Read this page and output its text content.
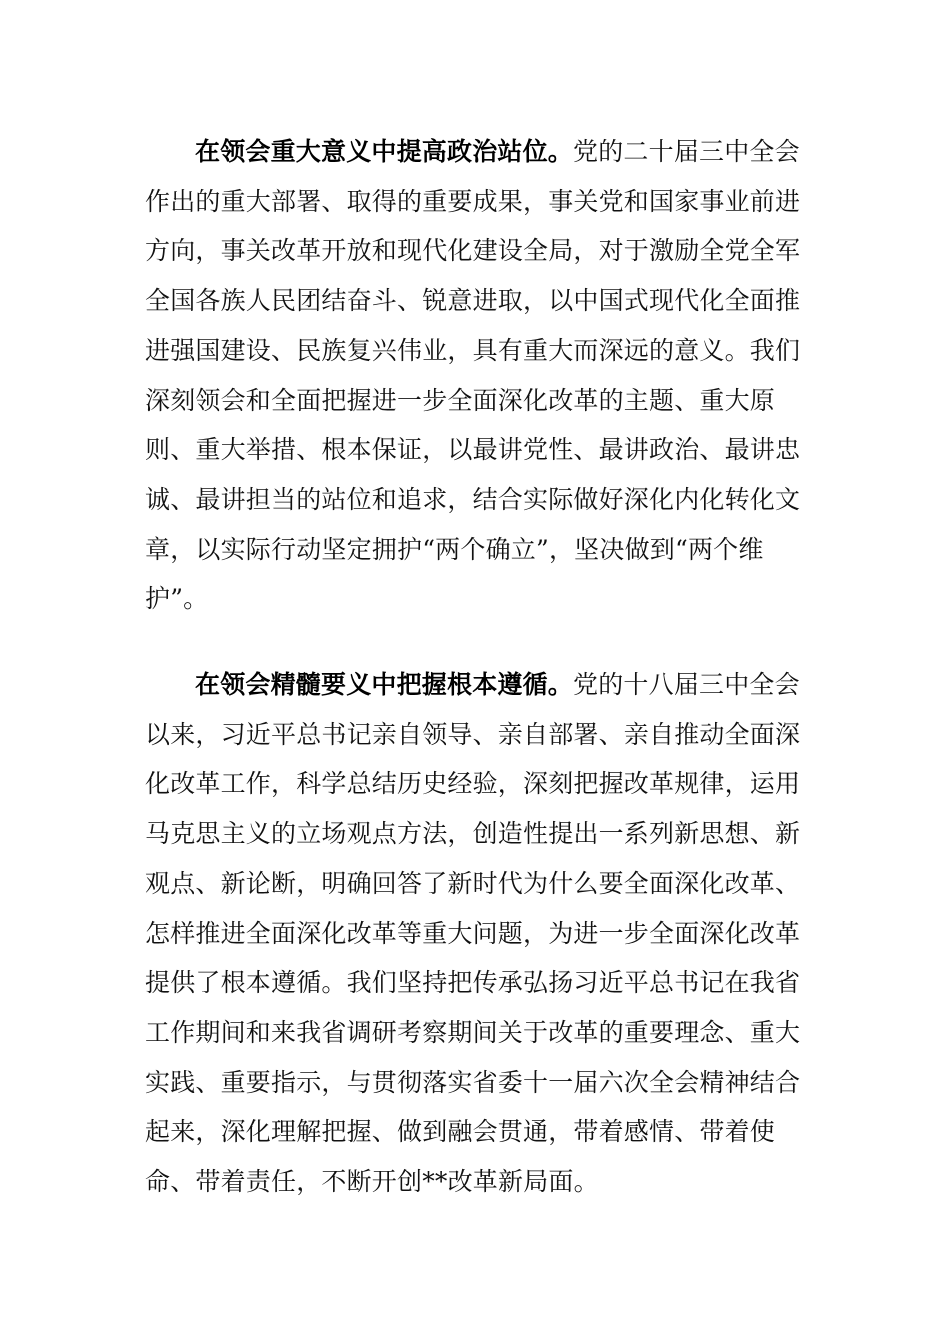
在领会重大意义中提高政治站位。党的二十届三中全会作出的重大部署、取得的重要成果，事关党和国家事业前进方向，事关改革开放和现代化建设全局，对于激励全党全军全国各族人民团结奋斗、锐意进取，以中国式现代化全面推进强国建设、民族复兴伟业，具有重大而深远的意义。我们深刻领会和全面把握进一步全面深化改革的主题、重大原则、重大举措、根本保证，以最讲党性、最讲政治、最讲忠诚、最讲担当的站位和追求，结合实际做好深化内化转化文章，以实际行动坚定拥护“两个确立”，坚决做到“两个维护”。

在领会精髓要义中把握根本遵循。党的十八届三中全会以来，习近平总书记亲自领导、亲自部署、亲自推动全面深化改革工作，科学总结历史经验，深刻把握改革规律，运用马克思主义的立场观点方法，创造性提出一系列新思想、新观点、新论断，明确回答了新时代为什么要全面深化改革、怎样推进全面深化改革等重大问题，为进一步全面深化改革提供了根本遵循。我们坚持把传承弘扬习近平总书记在我省工作期间和来我省调研考察期间关于改革的重要理念、重大实践、重要指示，与贯彻落实省委十一届六次全会精神结合起来，深化理解把握、做到融会贯通，带着感情、带着使命、带着责任，不断开创**改革新局面。
